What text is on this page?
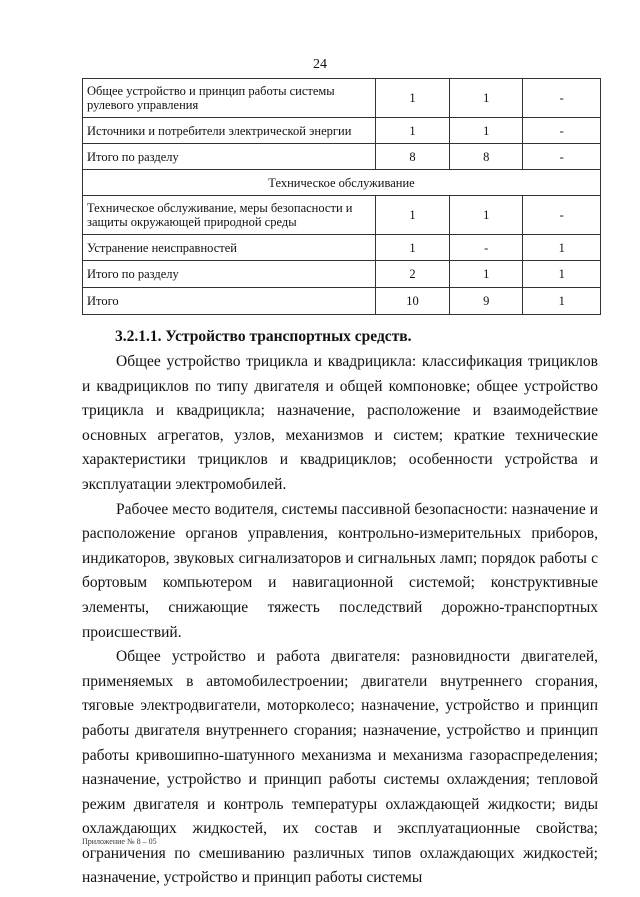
24
Общее устройство и принцип работы системы рулевого управления	1	1	-
Источники и потребители электрической энергии	1	1	-
Итого по разделу	8	8	-
Техническое обслуживание			
Техническое обслуживание, меры безопасности и защиты окружающей природной среды	1	1	-
Устранение неисправностей	1	-	1
Итого по разделу	2	1	1
Итого	10	9	1
3.2.1.1. Устройство транспортных средств.

Общее устройство трицикла и квадрицикла: классификация трициклов и квадрициклов по типу двигателя и общей компоновке; общее устройство трицикла и квадрицикла; назначение, расположение и взаимодействие основных агрегатов, узлов, механизмов и систем; краткие технические характеристики трициклов и квадрициклов; особенности устройства и эксплуатации электромобилей.

Рабочее место водителя, системы пассивной безопасности: назначение и расположение органов управления, контрольно-измерительных приборов, индикаторов, звуковых сигнализаторов и сигнальных ламп; порядок работы с бортовым компьютером и навигационной системой; конструктивные элементы, снижающие тяжесть последствий дорожно-транспортных происшествий.

Общее устройство и работа двигателя: разновидности двигателей, применяемых в автомобилестроении; двигатели внутреннего сгорания, тяговые электродвигатели, моторколесо; назначение, устройство и принцип работы двигателя внутреннего сгорания; назначение, устройство и принцип работы кривошипно-шатунного механизма и механизма газораспределения; назначение, устройство и принцип работы системы охлаждения; тепловой режим двигателя и контроль температуры охлаждающей жидкости; виды охлаждающих жидкостей, их состав и эксплуатационные свойства; ограничения по смешиванию различных типов охлаждающих жидкостей; назначение, устройство и принцип работы системы

Приложение № 8 – 05
